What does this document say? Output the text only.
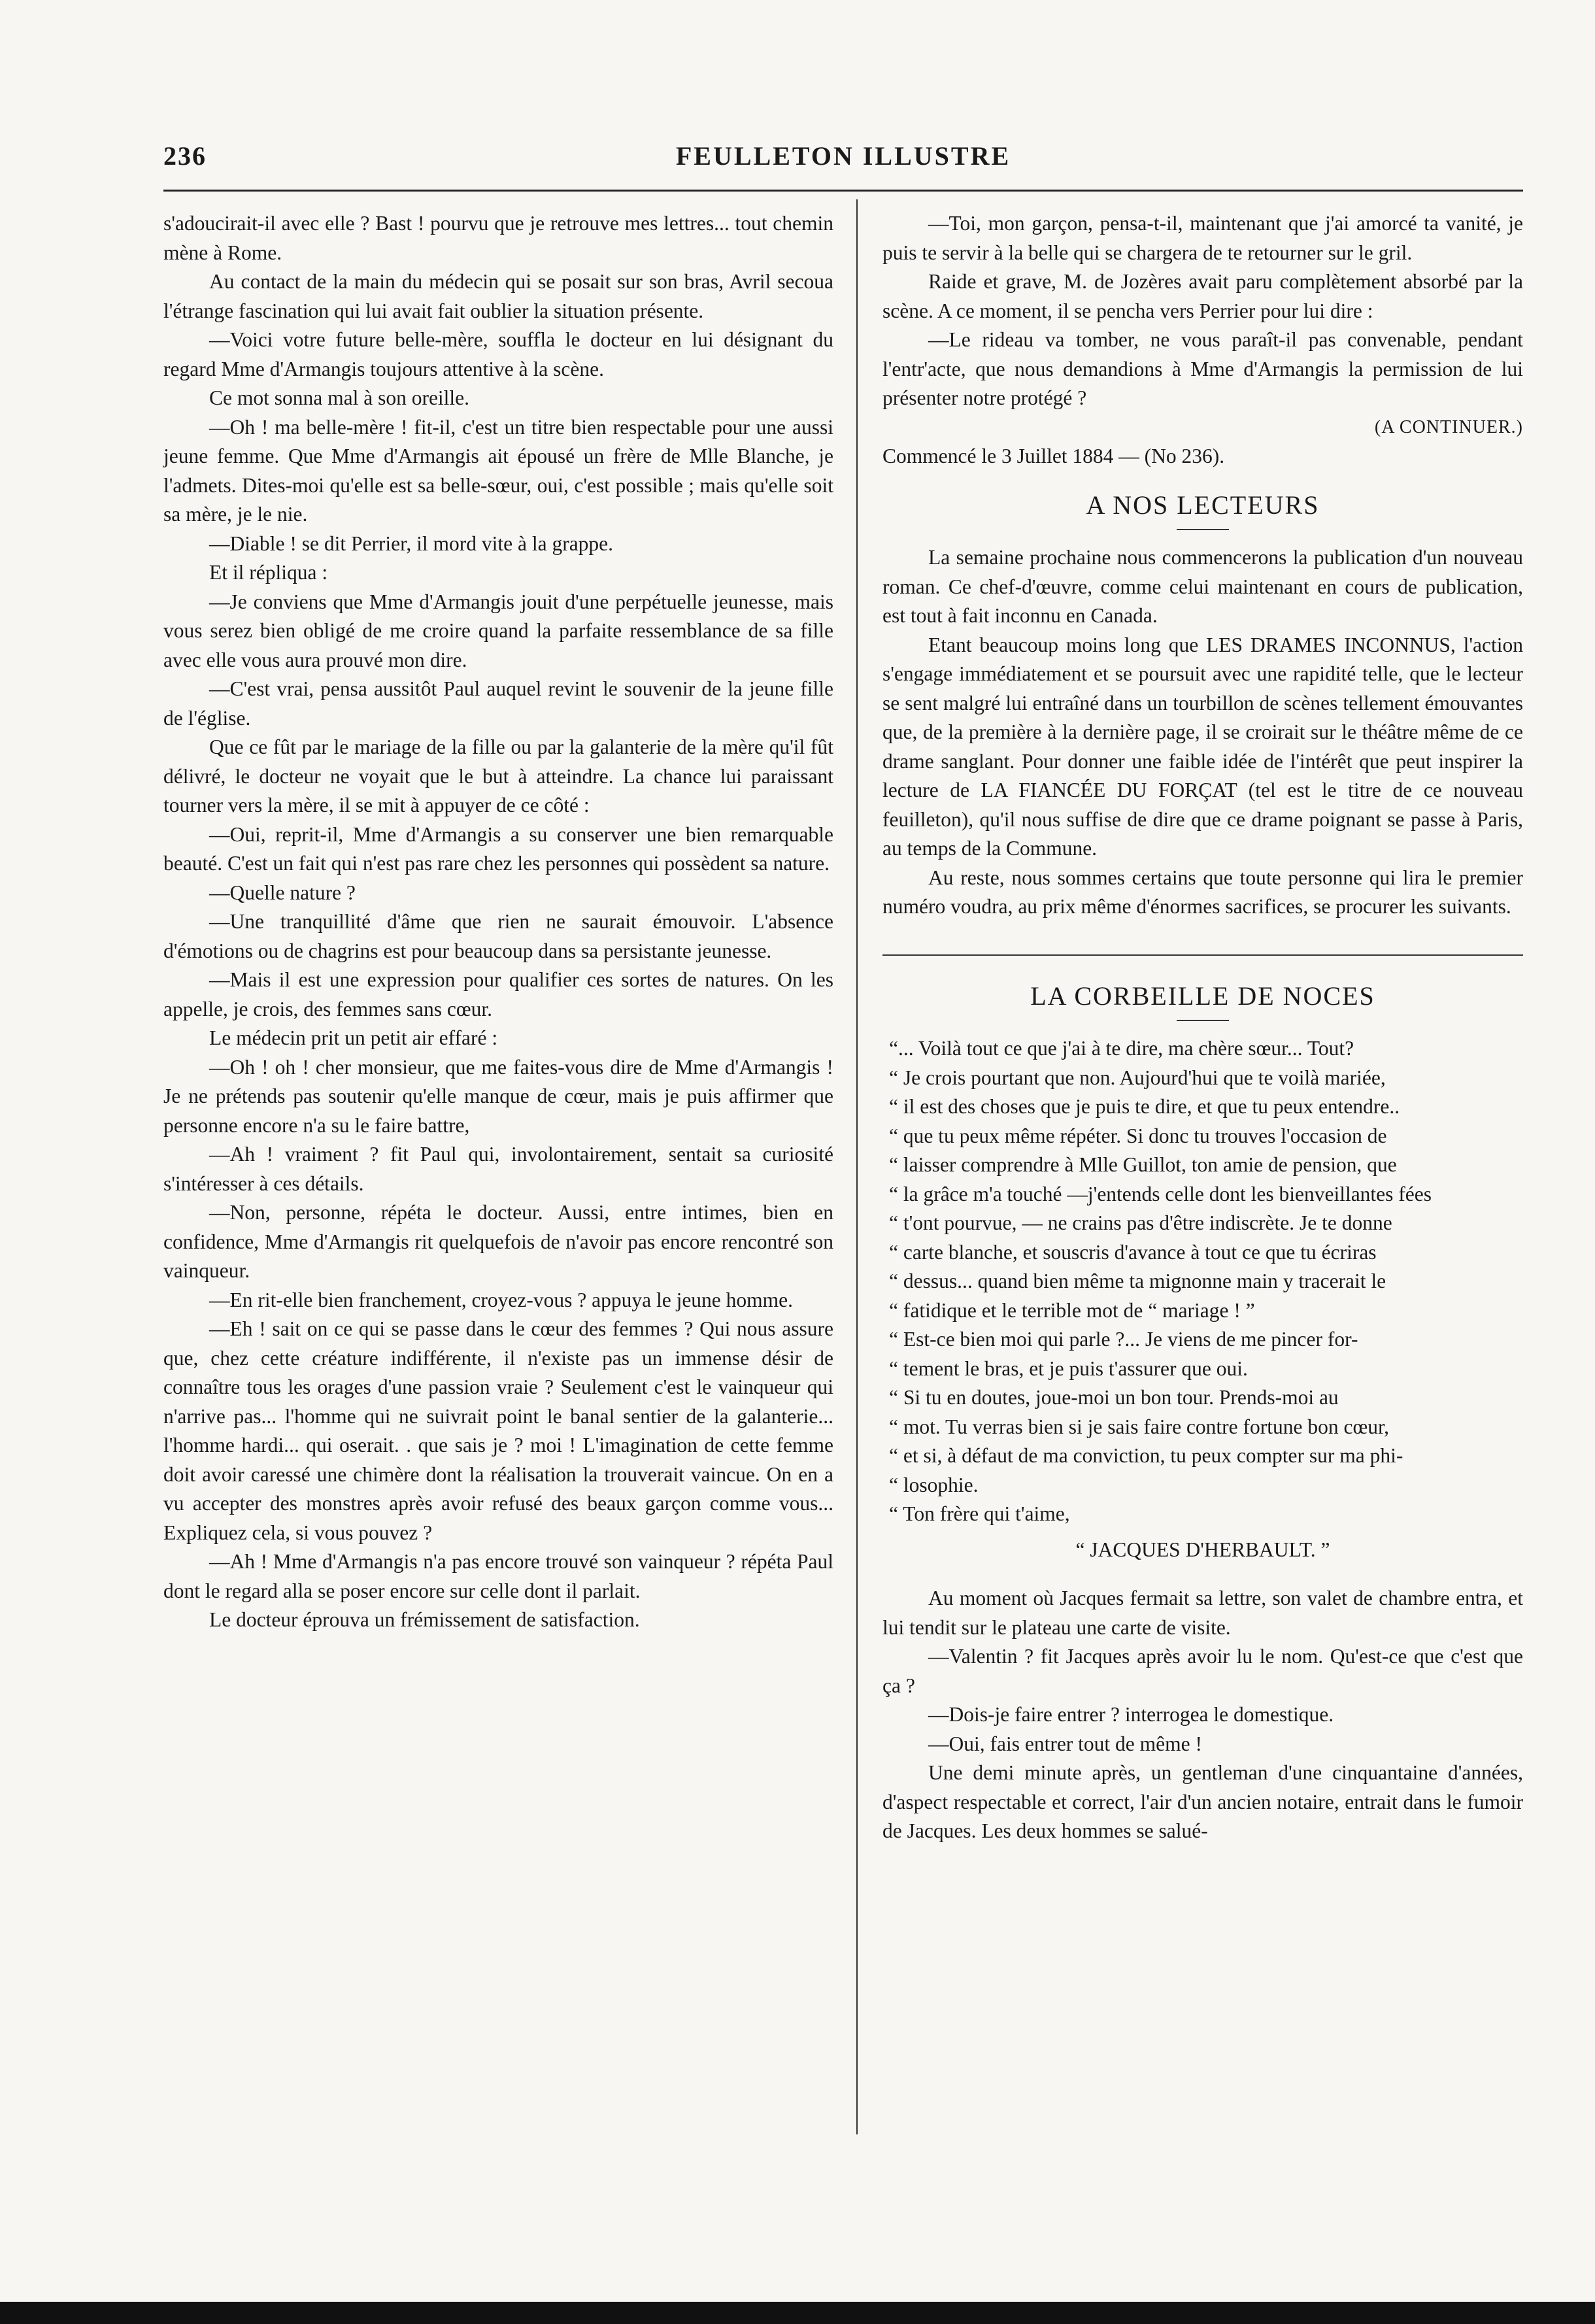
236	FEULLETON ILLUSTRE

s'adoucirait-il avec elle ? Bast ! pourvu que je retrouve mes lettres... tout chemin mène à Rome.

Au contact de la main du médecin qui se posait sur son bras, Avril secoua l'étrange fascination qui lui avait fait oublier la situation présente.

—Voici votre future belle-mère, souffla le docteur en lui désignant du regard Mme d'Armangis toujours attentive à la scène.

Ce mot sonna mal à son oreille.

—Oh ! ma belle-mère ! fit-il, c'est un titre bien respectable pour une aussi jeune femme. Que Mme d'Armangis ait épousé un frère de Mlle Blanche, je l'admets. Dites-moi qu'elle est sa belle-sœur, oui, c'est possible ; mais qu'elle soit sa mère, je le nie.

—Diable ! se dit Perrier, il mord vite à la grappe.

Et il répliqua :

—Je conviens que Mme d'Armangis jouit d'une perpétuelle jeunesse, mais vous serez bien obligé de me croire quand la parfaite ressemblance de sa fille avec elle vous aura prouvé mon dire.

—C'est vrai, pensa aussitôt Paul auquel revint le souvenir de la jeune fille de l'église.

Que ce fût par le mariage de la fille ou par la galanterie de la mère qu'il fût délivré, le docteur ne voyait que le but à atteindre. La chance lui paraissant tourner vers la mère, il se mit à appuyer de ce côté :

—Oui, reprit-il, Mme d'Armangis a su conserver une bien remarquable beauté. C'est un fait qui n'est pas rare chez les personnes qui possèdent sa nature.

—Quelle nature ?

—Une tranquillité d'âme que rien ne saurait émouvoir. L'absence d'émotions ou de chagrins est pour beaucoup dans sa persistante jeunesse.

—Mais il est une expression pour qualifier ces sortes de natures. On les appelle, je crois, des femmes sans cœur.

Le médecin prit un petit air effaré :

—Oh ! oh ! cher monsieur, que me faites-vous dire de Mme d'Armangis ! Je ne prétends pas soutenir qu'elle manque de cœur, mais je puis affirmer que personne encore n'a su le faire battre,

—Ah ! vraiment ? fit Paul qui, involontairement, sentait sa curiosité s'intéresser à ces détails.

—Non, personne, répéta le docteur. Aussi, entre intimes, bien en confidence, Mme d'Armangis rit quelquefois de n'avoir pas encore rencontré son vainqueur.

—En rit-elle bien franchement, croyez-vous ? appuya le jeune homme.

—Eh ! sait on ce qui se passe dans le cœur des femmes ? Qui nous assure que, chez cette créature indifférente, il n'existe pas un immense désir de connaître tous les orages d'une passion vraie ? Seulement c'est le vainqueur qui n'arrive pas... l'homme qui ne suivrait point le banal sentier de la galanterie... l'homme hardi... qui oserait. . que sais je ? moi ! L'imagination de cette femme doit avoir caressé une chimère dont la réalisation la trouverait vaincue. On en a vu accepter des monstres après avoir refusé des beaux garçon comme vous... Expliquez cela, si vous pouvez ?

—Ah ! Mme d'Armangis n'a pas encore trouvé son vainqueur ? répéta Paul dont le regard alla se poser encore sur celle dont il parlait.

Le docteur éprouva un frémissement de satisfaction.

—Toi, mon garçon, pensa-t-il, maintenant que j'ai amorcé ta vanité, je puis te servir à la belle qui se chargera de te retourner sur le gril.

Raide et grave, M. de Jozères avait paru complètement absorbé par la scène. A ce moment, il se pencha vers Perrier pour lui dire :

—Le rideau va tomber, ne vous paraît-il pas convenable, pendant l'entr'acte, que nous demandions à Mme d'Armangis la permission de lui présenter notre protégé ?

(A CONTINUER.)

Commencé le 3 Juillet 1884 — (No 236).

A NOS LECTEURS

La semaine prochaine nous commencerons la publication d'un nouveau roman. Ce chef-d'œuvre, comme celui maintenant en cours de publication, est tout à fait inconnu en Canada.

Etant beaucoup moins long que LES DRAMES INCONNUS, l'action s'engage immédiatement et se poursuit avec une rapidité telle, que le lecteur se sent malgré lui entraîné dans un tourbillon de scènes tellement émouvantes que, de la première à la dernière page, il se croirait sur le théâtre même de ce drame sanglant. Pour donner une faible idée de l'intérêt que peut inspirer la lecture de LA FIANCÉE DU FORÇAT (tel est le titre de ce nouveau feuilleton), qu'il nous suffise de dire que ce drame poignant se passe à Paris, au temps de la Commune.

Au reste, nous sommes certains que toute personne qui lira le premier numéro voudra, au prix même d'énormes sacrifices, se procurer les suivants.

LA CORBEILLE DE NOCES

“... Voilà tout ce que j'ai à te dire, ma chère sœur... Tout?

“ Je crois pourtant que non. Aujourd'hui que te voilà mariée,

“ il est des choses que je puis te dire, et que tu peux entendre..

“ que tu peux même répéter. Si donc tu trouves l'occasion de

“ laisser comprendre à Mlle Guillot, ton amie de pension, que

“ la grâce m'a touché —j'entends celle dont les bienveillantes fées

“ t'ont pourvue, — ne crains pas d'être indiscrète. Je te donne

“ carte blanche, et souscris d'avance à tout ce que tu écriras

“ dessus... quand bien même ta mignonne main y tracerait le

“ fatidique et le terrible mot de “ mariage ! ”

“ Est-ce bien moi qui parle ?... Je viens de me pincer for-

“ tement le bras, et je puis t'assurer que oui.

“ Si tu en doutes, joue-moi un bon tour. Prends-moi au

“ mot. Tu verras bien si je sais faire contre fortune bon cœur,

“ et si, à défaut de ma conviction, tu peux compter sur ma phi-

“ losophie.

“ Ton frère qui t'aime,

“ JACQUES D'HERBAULT. ”

Au moment où Jacques fermait sa lettre, son valet de chambre entra, et lui tendit sur le plateau une carte de visite.

—Valentin ? fit Jacques après avoir lu le nom. Qu'est-ce que c'est que ça ?

—Dois-je faire entrer ? interrogea le domestique.

—Oui, fais entrer tout de même !

Une demi minute après, un gentleman d'une cinquantaine d'années, d'aspect respectable et correct, l'air d'un ancien notaire, entrait dans le fumoir de Jacques. Les deux hommes se salué-
